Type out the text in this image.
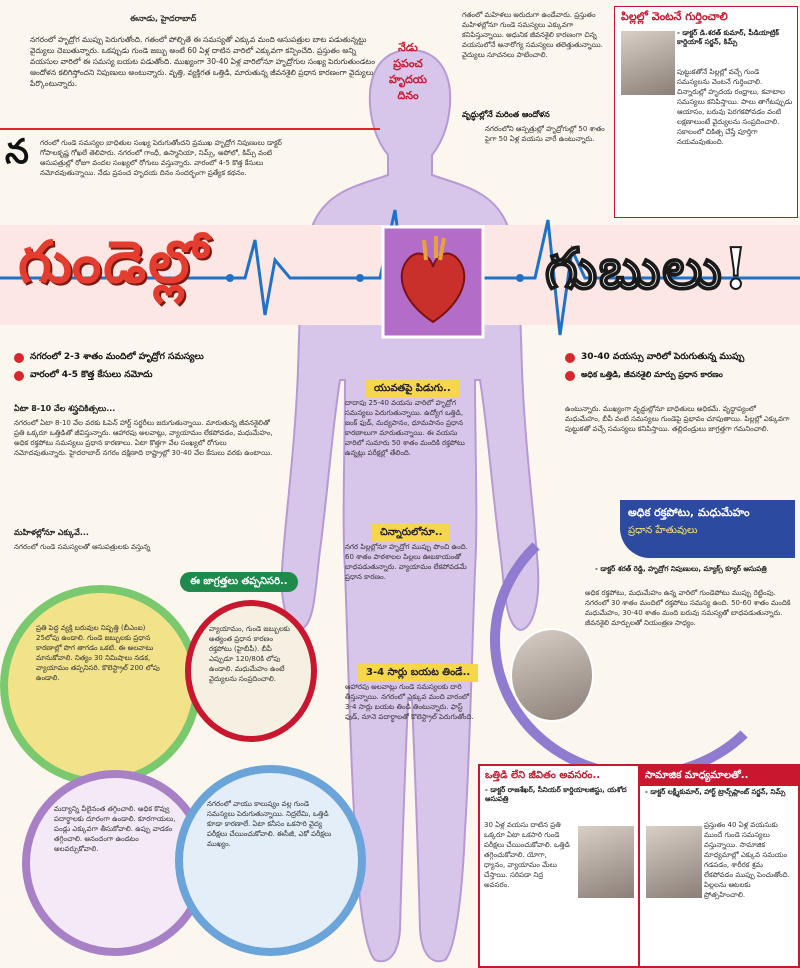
ఈనాడు, హైదరాబాద్
నగరంలో హృద్రోగ ముప్పు పెరుగుతోంది. గతంలో పోల్చితే ఈ సమస్యతో ఎక్కువ మంది ఆసుపత్రుల బాట పడుతున్నట్టు వైద్యులు చెబుతున్నారు. ఒకప్పుడు గుండె జబ్బు అంటే 60 ఏళ్ల దాటిన వారిలో ఎక్కువగా కన్పించేది. ప్రస్తుతం అన్ని వయసుల వారిలో ఈ సమస్య బయట పడుతోంది. ముఖ్యంగా 30-40 ఏళ్ల వారిలోనూ హృద్రోగుల సంఖ్య పెరుగుతుండటం ఆందోళన కలిగిస్తోందని నిపుణులు అంటున్నారు. వృత్తి, వ్యక్తిగత ఒత్తిడి, మారుతున్న జీవనశైలి ప్రధాన కారణంగా వైద్యులు పేర్కొంటున్నారు.
న గరంలో గుండె సమస్యల బాధితుల సంఖ్య పెరుగుతోందని ప్రముఖ హృద్రోగ నిపుణులు డాక్టర్ గోపాలకృష్ణ గోఖలే తెలిపారు. నగరంలో గాంధీ, ఉస్మానియా, నిమ్స్, అపోలో, కిమ్స్ వంటి ఆసుపత్రుల్లో రోజూ వందల సంఖ్యలో రోగులు వస్తున్నారు. వారంలో 4-5 కొత్త కేసులు నమోదవుతున్నాయి. నేడు ప్రపంచ హృదయ దినం సందర్భంగా ప్రత్యేక కథనం.
నేడు
ప్రపంచ
హృదయ
దినం
గతంలో మహిళలు అరుదుగా ఉండేవారు. ప్రస్తుతం మహిళల్లోనూ గుండె సమస్యలు ఎక్కువగా కనిపిస్తున్నాయి. ఆధునిక జీవనశైలి కారణంగా చిన్న వయసులోనే అనారోగ్య సమస్యలు తలెత్తుతున్నాయి. వైద్యులు సూచనలు పాటించాలి.
వృద్ధుల్లోనే మరింత ఆందోళన
నగరంలోని ఆస్పత్రుల్లో హృద్రోగుల్లో 50 శాతం పైగా 50 ఏళ్ల వయసు వారే ఉంటున్నారు.
పిల్లల్లో వెంటనే గుర్తించాలి
- డాక్టర్ డి.శరత్ కుమార్, పీడియాట్రిక్ కార్డియాక్ సర్జన్, కిమ్స్
పుట్టుకతోనే పిల్లల్లో వచ్చే గుండె సమస్యలను వెంటనే గుర్తించాలి. చిన్నారుల్లో హృదయ రంధ్రాలు, కవాటాల సమస్యలు కనిపిస్తాయి. పాలు తాగేటప్పుడు ఆయాసం, బరువు పెరగకపోవడం వంటి లక్షణాలుంటే వైద్యులను సంప్రదించాలి. సకాలంలో చికిత్స చేస్తే పూర్తిగా నయమవుతుంది.
గుండెల్లో	గుబులు!
నగరంలో 2-3 శాతం మందిలో హృద్రోగ సమస్యలు
వారంలో 4-5 కొత్త కేసులు నమోదు
30-40 వయస్సు వారిలో పెరుగుతున్న ముప్పు
అధిక ఒత్తిడి, జీవనశైలి మార్పు ప్రధాన కారణం
ఏటా 8-10 వేల శస్త్రచికిత్సలు...
నగరంలో ఏటా 8-10 వేల వరకు ఓపెన్ హార్ట్ సర్జరీలు జరుగుతున్నాయి. మారుతున్న జీవనశైలితో ప్రతి ఒక్కరూ ఒత్తిడితో జీవిస్తున్నారు. ఆహారపు అలవాట్లు, వ్యాయామం లేకపోవడం, మధుమేహం, అధిక రక్తపోటు సమస్యలు ప్రధాన కారణాలు. ఏటా కొత్తగా వేల సంఖ్యలో రోగులు నమోదవుతున్నారు. హైదరాబాద్ నగరం దక్షిణాది రాష్ట్రాల్లో 30-40 వేల కేసులు వరకు ఉంటాయి.
మహిళల్లోనూ ఎక్కువే...
నగరంలో గుండె సమస్యలతో ఆసుపత్రులకు వస్తున్న
ఈ జాగ్రత్తలు తప్పనిసరి..
ప్రతి పెద్ద వ్యక్తి బరువుల నిష్పత్తి (బీఎంఐ) 25లోపు ఉండాలి. గుండె జబ్బులకు ప్రధాన కారణాల్లో పొగ తాగడం ఒకటి. ఈ అలవాటు మానుకోవాలి. నిత్యం 30 నిమిషాలు నడక, వ్యాయామం తప్పనిసరి. కొలెస్ట్రాల్ 200 లోపు ఉండాలి.
వ్యాయామం, గుండె జబ్బులకు అత్యంత ప్రధాన కారణం రక్తపోటు (హైబీపీ). బీపీ ఎప్పుడూ 120/80కి లోపు ఉండాలి. మధుమేహం ఉంటే వైద్యులను సంప్రదించాలి.
మద్యాన్ని వీలైనంత తగ్గించాలి. అధిక కొవ్వు పదార్థాలకు దూరంగా ఉండాలి. కూరగాయలు, పండ్లు ఎక్కువగా తీసుకోవాలి. ఉప్పు వాడకం తగ్గించాలి. ఆనందంగా ఉండటం అలవర్చుకోవాలి.
నగరంలో వాయు కాలుష్యం వల్ల గుండె సమస్యలు పెరుగుతున్నాయి. నిద్రలేమి, ఒత్తిడి కూడా కారణాలే. ఏటా కనీసం ఒకసారి వైద్య పరీక్షలు చేయించుకోవాలి. ఈసీజీ, ఎకో పరీక్షలు ముఖ్యం.
యువతపై పిడుగు..
దాదాపు 25-40 వయసు వారిలో హృద్రోగ సమస్యలు పెరుగుతున్నాయి. ఉద్యోగ ఒత్తిడి, జంక్ ఫుడ్, మద్యపానం, ధూమపానం ప్రధాన కారణాలుగా మారుతున్నాయి. ఈ వయసు వారిలో సుమారు 50 శాతం మందికి రక్తపోటు ఉన్నట్లు పరీక్షల్లో తేలింది.
చిన్నారులోనూ..
నగర పిల్లల్లోనూ హృద్రోగ ముప్పు పొంచి ఉంది. 60 శాతం పాఠశాలల పిల్లలు ఊబకాయంతో బాధపడుతున్నారు. వ్యాయామం లేకపోవడమే ప్రధాన కారణం.
3-4 సార్లు బయట తిండే..
ఆహారపు అలవాట్లు గుండె సమస్యలకు దారి తీస్తున్నాయి. నగరంలో ఎక్కువ మంది వారంలో 3-4 సార్లు బయట తిండి తింటున్నారు. ఫాస్ట్ ఫుడ్, నూనె పదార్థాలతో కొలెస్ట్రాల్ పెరుగుతోంది.
ఉంటున్నారు. ముఖ్యంగా వృద్ధుల్లోనూ బాధితులు అధికమే. వృద్ధాప్యంలో మధుమేహం, బీపీ వంటి సమస్యలు గుండెపై ప్రభావం చూపుతాయి. పిల్లల్లో ఎక్కువగా పుట్టుకతో వచ్చే సమస్యలు కనిపిస్తాయి. తల్లిదండ్రులు జాగ్రత్తగా గమనించాలి.
అధిక రక్తపోటు, మధుమేహం
ప్రధాన హేతువులు
- డాక్టర్ శరత్ రెడ్డి, హృద్రోగ నిపుణులు, మ్యాక్స్ క్యూర్ ఆసుపత్రి
అధిక రక్తపోటు, మధుమేహం ఉన్న వారిలో గుండెపోటు ముప్పు రెట్టింపు. నగరంలో 30 శాతం మందిలో రక్తపోటు సమస్య ఉంది. 50-60 శాతం మందికి మధుమేహం, 30-40 శాతం మంది బరువు సమస్యతో బాధపడుతున్నారు. జీవనశైలి మార్పులతో నియంత్రణ సాధ్యం.
ఒత్తిడి లేని జీవితం అవసరం..
- డాక్టర్ రాజశేఖర్, సీనియర్ కార్డియాలజిస్టు, యశోద ఆసుపత్రి
30 ఏళ్ల వయసు దాటిన ప్రతి ఒక్కరూ ఏటా ఒకసారి గుండె పరీక్షలు చేయించుకోవాలి. ఒత్తిడి తగ్గించుకోవాలి. యోగా, ధ్యానం, వ్యాయామం మేలు చేస్తాయి. సరిపడా నిద్ర అవసరం.
సామాజిక మాధ్యమాలతో..
- డాక్టర్ లక్ష్మీకుమార్, హార్ట్ ట్రాన్స్‌ప్లాంట్ సర్జన్, నిమ్స్
ప్రస్తుతం 40 ఏళ్ల వయసుకు ముందే గుండె సమస్యలు వస్తున్నాయి. సామాజిక మాధ్యమాల్లో ఎక్కువ సమయం గడపడం, శారీరక శ్రమ లేకపోవడం ముప్పు పెంచుతోంది. పిల్లలను ఆటలకు ప్రోత్సహించాలి.
